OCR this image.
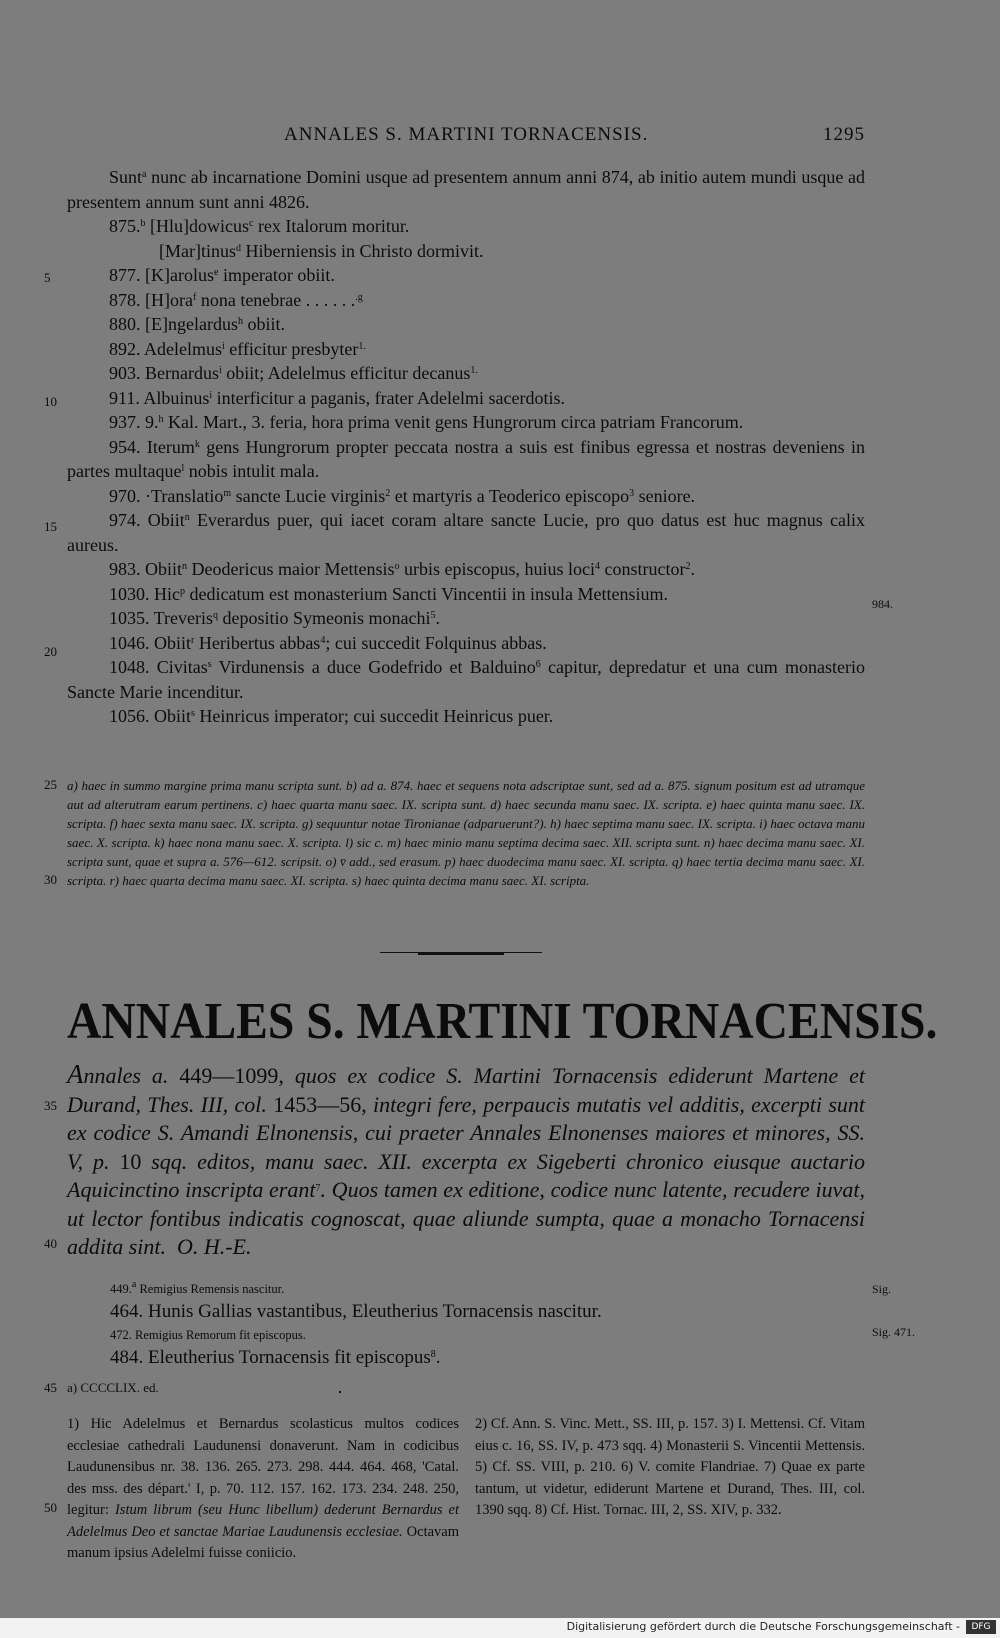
ANNALES S. MARTINI TORNACENSIS.	1295
5
10
15
20
25
30
35
40
45
50
984.
Sig.
Sig. 471.

Sunt$^a$ nunc ab incarnatione Domini usque ad presentem annum anni 874, ab initio autem mundi usque ad presentem annum sunt anni 4826.

875.$^b$ [Hlu]dowicus$^c$ rex Italorum moritur.

[Mar]tinus$^d$ Hiberniensis in Christo dormivit.

877. [K]arolus$^e$ imperator obiit.

878. [H]ora$^f$ nona tenebrae . . . . . .$^{.g}$

880. [E]ngelardus$^h$ obiit.

892. Adelelmus$^i$ efficitur presbyter$^{1.}$

903. Bernardus$^i$ obiit; Adelelmus efficitur decanus$^{1.}$

911. Albuinus$^i$ interficitur a paganis, frater Adelelmi sacerdotis.

937. 9.$^h$ Kal. Mart., 3. feria, hora prima venit gens Hungrorum circa patriam Francorum.

954. Iterum$^k$ gens Hungrorum propter peccata nostra a suis est finibus egressa et nostras deveniens in partes multaque$^l$ nobis intulit mala.

970. ·Translatio$^m$ sancte Lucie virginis$^2$ et martyris a Teoderico episcopo$^3$ seniore.

974. Obiit$^n$ Everardus puer, qui iacet coram altare sancte Lucie, pro quo datus est huc magnus calix aureus.

983. Obiit$^n$ Deodericus maior Mettensis$^o$ urbis episcopus, huius loci$^4$ constructor$^2$.

1030. Hic$^p$ dedicatum est monasterium Sancti Vincentii in insula Mettensium.

1035. Treveris$^q$ depositio Symeonis monachi$^5$.

1046. Obiit$^r$ Heribertus abbas$^4$; cui succedit Folquinus abbas.

1048. Civitas$^s$ Virdunensis a duce Godefrido et Balduino$^6$ capitur, depredatur et una cum monasterio Sancte Marie incenditur.

1056. Obiit$^s$ Heinricus imperator; cui succedit Heinricus puer.

a) haec in summo margine prima manu scripta sunt. b) ad a. 874. haec et sequens nota adscriptae sunt, sed ad a. 875. signum positum est ad utramque aut ad alterutram earum pertinens. c) haec quarta manu saec. IX. scripta sunt. d) haec secunda manu saec. IX. scripta. e) haec quinta manu saec. IX. scripta. f) haec sexta manu saec. IX. scripta. g) sequuntur notae Tironianae (adparuerunt?). h) haec septima manu saec. IX. scripta. i) haec octava manu saec. X. scripta. k) haec nona manu saec. X. scripta. l) sic c. m) haec minio manu septima decima saec. XII. scripta sunt. n) haec decima manu saec. XI. scripta sunt, quae et supra a. 576—612. scripsit. o) v̄ add., sed erasum. p) haec duodecima manu saec. XI. scripta. q) haec tertia decima manu saec. XI. scripta. r) haec quarta decima manu saec. XI. scripta. s) haec quinta decima manu saec. XI. scripta.
ANNALES S. MARTINI TORNACENSIS.
Annales a. 449—1099, quos ex codice S. Martini Tornacensis ediderunt Martene et Durand, Thes. III, col. 1453—56, integri fere, perpaucis mutatis vel additis, excerpti sunt ex codice S. Amandi Elnonensis, cui praeter Annales Elnonenses maiores et minores, SS. V, p. 10 sqq. editos, manu saec. XII. excerpta ex Sigeberti chronico eiusque auctario Aquicinctino inscripta erant$^7$. Quos tamen ex editione, codice nunc latente, recudere iuvat, ut lector fontibus indicatis cognoscat, quae aliunde sumpta, quae a monacho Tornacensi addita sint. O. H.-E.
449.$^a$ Remigius Remensis nascitur.
464. Hunis Gallias vastantibus, Eleutherius Tornacensis nascitur.
472. Remigius Remorum fit episcopus.
484. Eleutherius Tornacensis fit episcopus$^8$.
a) CCCCLIX. ed.
1) Hic Adelelmus et Bernardus scolasticus multos codices ecclesiae cathedrali Laudunensi donaverunt. Nam in codicibus Laudunensibus nr. 38. 136. 265. 273. 298. 444. 464. 468, 'Catal. des mss. des départ.' I, p. 70. 112. 157. 162. 173. 234. 248. 250, legitur: Istum librum (seu Hunc libellum) dederunt Bernardus et Adelelmus Deo et sanctae Mariae Laudunensis ecclesiae. Octavam manum ipsius Adelelmi fuisse coniicio.
2) Cf. Ann. S. Vinc. Mett., SS. III, p. 157. 3) I. Mettensi. Cf. Vitam eius c. 16, SS. IV, p. 473 sqq. 4) Monasterii S. Vincentii Mettensis. 5) Cf. SS. VIII, p. 210. 6) V. comite Flandriae. 7) Quae ex parte tantum, ut videtur, ediderunt Martene et Durand, Thes. III, col. 1390 sqq. 8) Cf. Hist. Tornac. III, 2, SS. XIV, p. 332.
Digitalisierung gefördert durch die Deutsche Forschungsgemeinschaft -	DFG
